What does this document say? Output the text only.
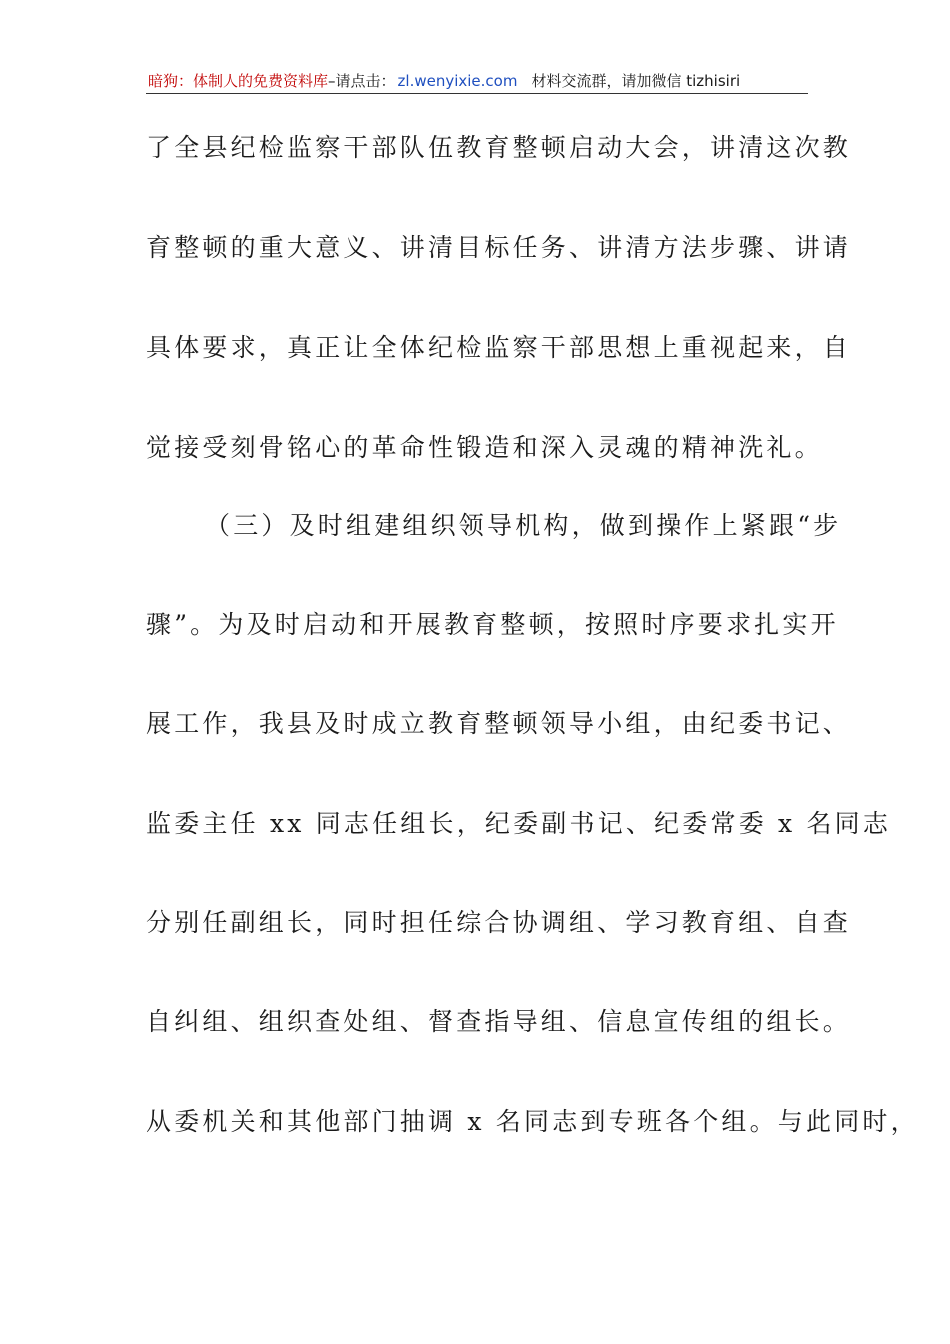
暗狗：体制人的免费资料库–请点击： zl.wenyixie.com 材料交流群，请加微信 tizhisiri
了全县纪检监察干部队伍教育整顿启动大会，讲清这次教
育整顿的重大意义、讲清目标任务、讲清方法步骤、讲请
具体要求，真正让全体纪检监察干部思想上重视起来，自
觉接受刻骨铭心的革命性锻造和深入灵魂的精神洗礼。
（三）及时组建组织领导机构，做到操作上紧跟“步
骤”。为及时启动和开展教育整顿，按照时序要求扎实开
展工作，我县及时成立教育整顿领导小组，由纪委书记、
监委主任 xx 同志任组长，纪委副书记、纪委常委 x 名同志
分别任副组长，同时担任综合协调组、学习教育组、自查
自纠组、组织查处组、督查指导组、信息宣传组的组长。
从委机关和其他部门抽调 x 名同志到专班各个组。与此同时，
